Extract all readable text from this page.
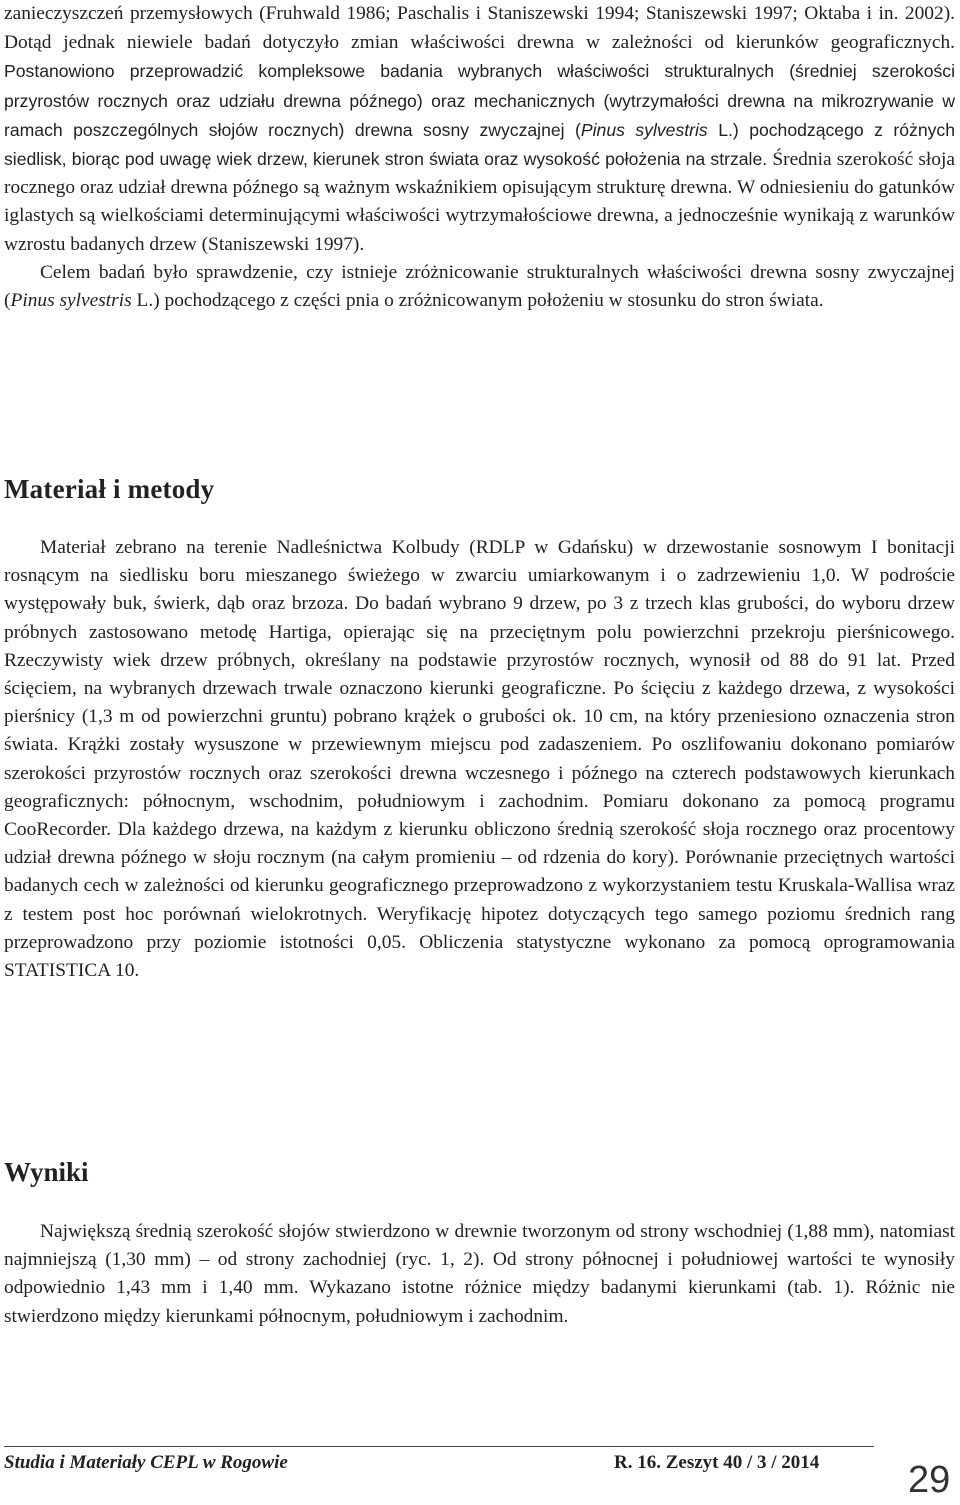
zanieczyszczeń przemysłowych (Fruhwald 1986; Paschalis i Staniszewski 1994; Staniszewski 1997; Oktaba i in. 2002). Dotąd jednak niewiele badań dotyczyło zmian właściwości drewna w zależności od kierunków geograficznych. Postanowiono przeprowadzić kompleksowe badania wybranych właściwości strukturalnych (średniej szerokości przyrostów rocznych oraz udziału drewna późnego) oraz mechanicznych (wytrzymałości drewna na mikrozrywanie w ramach poszczególnych słojów rocznych) drewna sosny zwyczajnej (Pinus sylvestris L.) pochodzącego z różnych siedlisk, biorąc pod uwagę wiek drzew, kierunek stron świata oraz wysokość położenia na strzale. Średnia szerokość słoja rocznego oraz udział drewna późnego są ważnym wskaźnikiem opisującym strukturę drewna. W odniesieniu do gatunków iglastych są wielkościami determinującymi właściwości wytrzymałościowe drewna, a jednocześnie wynikają z warunków wzrostu badanych drzew (Staniszewski 1997).
Celem badań było sprawdzenie, czy istnieje zróżnicowanie strukturalnych właściwości drewna sosny zwyczajnej (Pinus sylvestris L.) pochodzącego z części pnia o zróżnicowanym położeniu w stosunku do stron świata.

Materiał i metody

Materiał zebrano na terenie Nadleśnictwa Kolbudy (RDLP w Gdańsku) w drzewostanie sosnowym I bonitacji rosnącym na siedlisku boru mieszanego świeżego w zwarciu umiarkowanym i o zadrzewieniu 1,0. W podroście występowały buk, świerk, dąb oraz brzoza. Do badań wybrano 9 drzew, po 3 z trzech klas grubości, do wyboru drzew próbnych zastosowano metodę Hartiga, opierając się na przeciętnym polu powierzchni przekroju pierśnicowego. Rzeczywisty wiek drzew próbnych, określany na podstawie przyrostów rocznych, wynosił od 88 do 91 lat. Przed ścięciem, na wybranych drzewach trwale oznaczono kierunki geograficzne. Po ścięciu z każdego drzewa, z wysokości pierśnicy (1,3 m od powierzchni gruntu) pobrano krążek o grubości ok. 10 cm, na który przeniesiono oznaczenia stron świata. Krążki zostały wysuszone w przewiewnym miejscu pod zadaszeniem. Po oszlifowaniu dokonano pomiarów szerokości przyrostów rocznych oraz szerokości drewna wczesnego i późnego na czterech podstawowych kierunkach geograficznych: północnym, wschodnim, południowym i zachodnim. Pomiaru dokonano za pomocą programu CooRecorder. Dla każdego drzewa, na każdym z kierunku obliczono średnią szerokość słoja rocznego oraz procentowy udział drewna późnego w słoju rocznym (na całym promieniu – od rdzenia do kory). Porównanie przeciętnych wartości badanych cech w zależności od kierunku geograficznego przeprowadzono z wykorzystaniem testu Kruskala-Wallisa wraz z testem post hoc porównań wielokrotnych. Weryfikację hipotez dotyczących tego samego poziomu średnich rang przeprowadzono przy poziomie istotności 0,05. Obliczenia statystyczne wykonano za pomocą oprogramowania STATISTICA 10.

Wyniki

Największą średnią szerokość słojów stwierdzono w drewnie tworzonym od strony wschodniej (1,88 mm), natomiast najmniejszą (1,30 mm) – od strony zachodniej (ryc. 1, 2). Od strony północnej i południowej wartości te wynosiły odpowiednio 1,43 mm i 1,40 mm. Wykazano istotne różnice między badanymi kierunkami (tab. 1). Różnic nie stwierdzono między kierunkami północnym, południowym i zachodnim.

Studia i Materiały CEPL w Rogowie	R. 16. Zeszyt 40 / 3 / 2014 29
